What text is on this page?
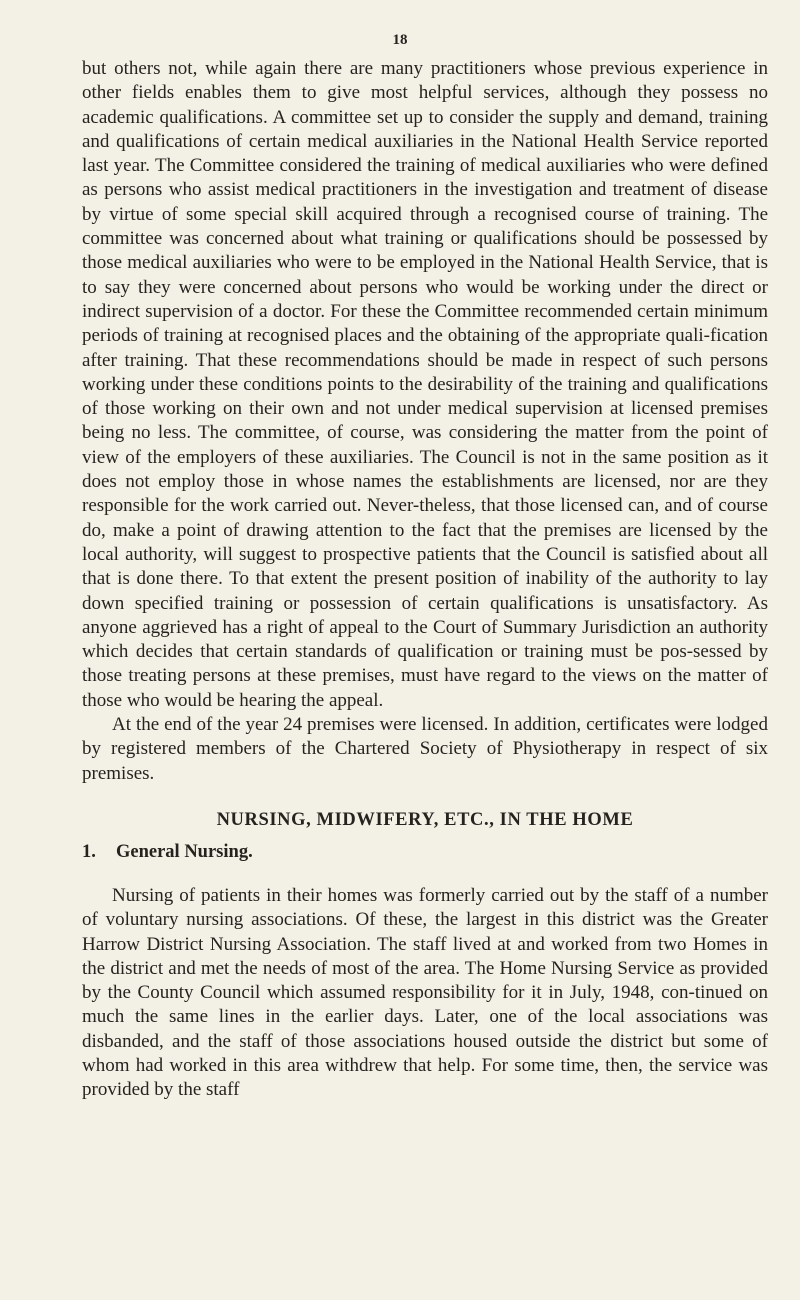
18

but others not, while again there are many practitioners whose previous experience in other fields enables them to give most helpful services, although they possess no academic qualifications. A committee set up to consider the supply and demand, training and qualifications of certain medical auxiliaries in the National Health Service reported last year. The Committee considered the training of medical auxiliaries who were defined as persons who assist medical practitioners in the investigation and treatment of disease by virtue of some special skill acquired through a recognised course of training. The committee was concerned about what training or qualifications should be possessed by those medical auxiliaries who were to be employed in the National Health Service, that is to say they were concerned about persons who would be working under the direct or indirect supervision of a doctor. For these the Committee recommended certain minimum periods of training at recognised places and the obtaining of the appropriate quali-fication after training. That these recommendations should be made in respect of such persons working under these conditions points to the desirability of the training and qualifications of those working on their own and not under medical supervision at licensed premises being no less. The committee, of course, was considering the matter from the point of view of the employers of these auxiliaries. The Council is not in the same position as it does not employ those in whose names the establishments are licensed, nor are they responsible for the work carried out. Never-theless, that those licensed can, and of course do, make a point of drawing attention to the fact that the premises are licensed by the local authority, will suggest to prospective patients that the Council is satisfied about all that is done there. To that extent the present position of inability of the authority to lay down specified training or possession of certain qualifications is unsatisfactory. As anyone aggrieved has a right of appeal to the Court of Summary Jurisdiction an authority which decides that certain standards of qualification or training must be pos-sessed by those treating persons at these premises, must have regard to the views on the matter of those who would be hearing the appeal.

At the end of the year 24 premises were licensed. In addition, certificates were lodged by registered members of the Chartered Society of Physiotherapy in respect of six premises.

NURSING, MIDWIFERY, ETC., IN THE HOME
1. General Nursing.

Nursing of patients in their homes was formerly carried out by the staff of a number of voluntary nursing associations. Of these, the largest in this district was the Greater Harrow District Nursing Association. The staff lived at and worked from two Homes in the district and met the needs of most of the area. The Home Nursing Service as provided by the County Council which assumed responsibility for it in July, 1948, con-tinued on much the same lines in the earlier days. Later, one of the local associations was disbanded, and the staff of those associations housed outside the district but some of whom had worked in this area withdrew that help. For some time, then, the service was provided by the staff
